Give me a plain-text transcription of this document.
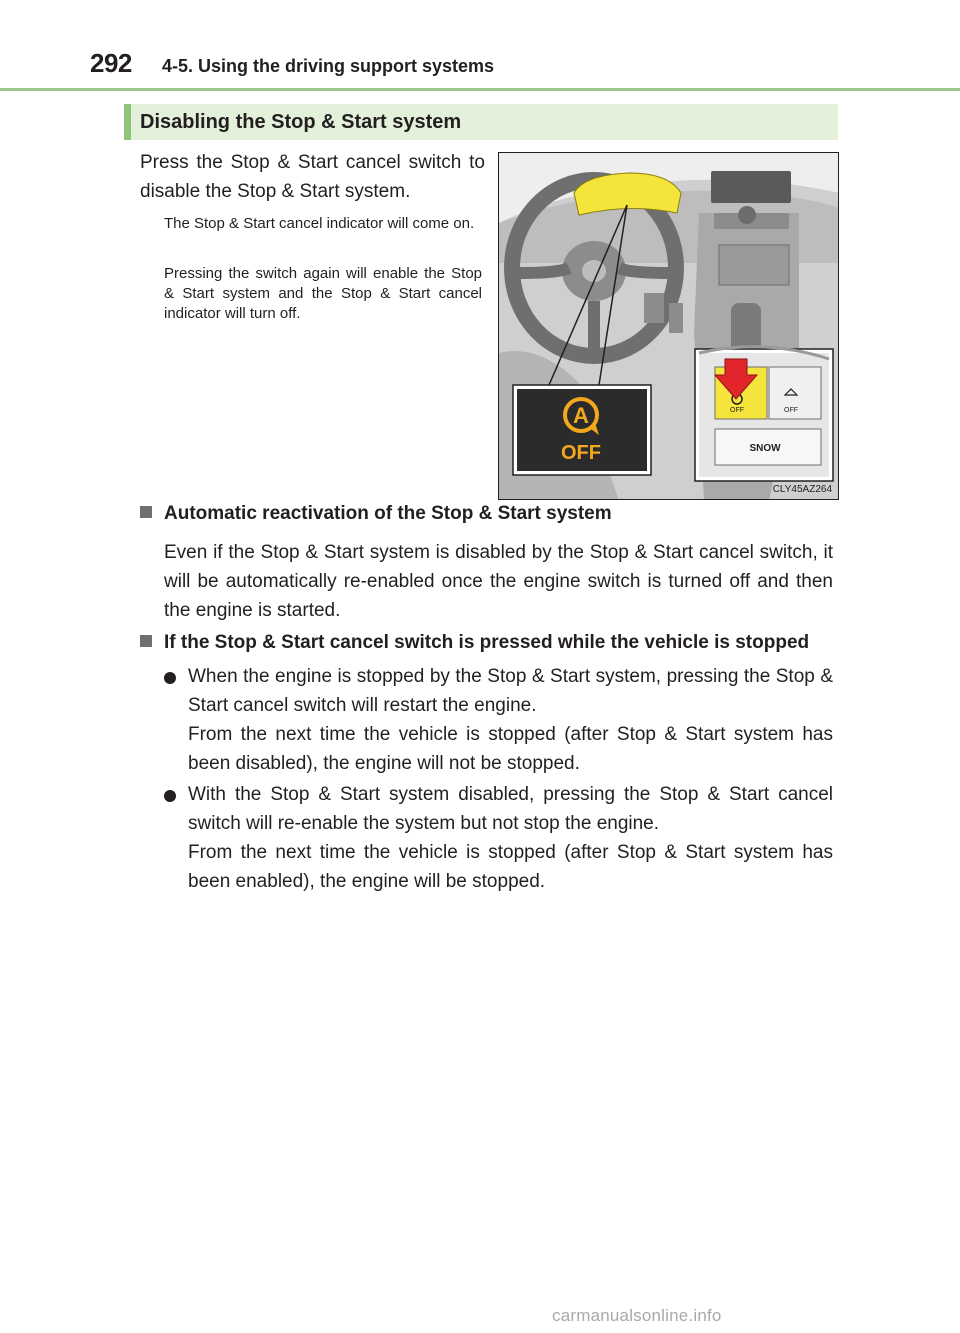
292 4-5. Using the driving support systems
Disabling the Stop & Start system
Press the Stop & Start cancel switch to disable the Stop & Start system.
The Stop & Start cancel indicator will come on.
Pressing the switch again will enable the Stop & Start system and the Stop & Start cancel indicator will turn off.
A
OFF
OFF	OFF
SNOW
CLY45AZ264
Automatic reactivation of the Stop & Start system
Even if the Stop & Start system is disabled by the Stop & Start cancel switch, it will be automatically re-enabled once the engine switch is turned off and then the engine is started.
If the Stop & Start cancel switch is pressed while the vehicle is stopped
When the engine is stopped by the Stop & Start system, pressing the Stop & Start cancel switch will restart the engine.
From the next time the vehicle is stopped (after Stop & Start system has been disabled), the engine will not be stopped.
With the Stop & Start system disabled, pressing the Stop & Start cancel switch will re-enable the system but not stop the engine.
From the next time the vehicle is stopped (after Stop & Start system has been enabled), the engine will be stopped.
carmanualsonline.info
